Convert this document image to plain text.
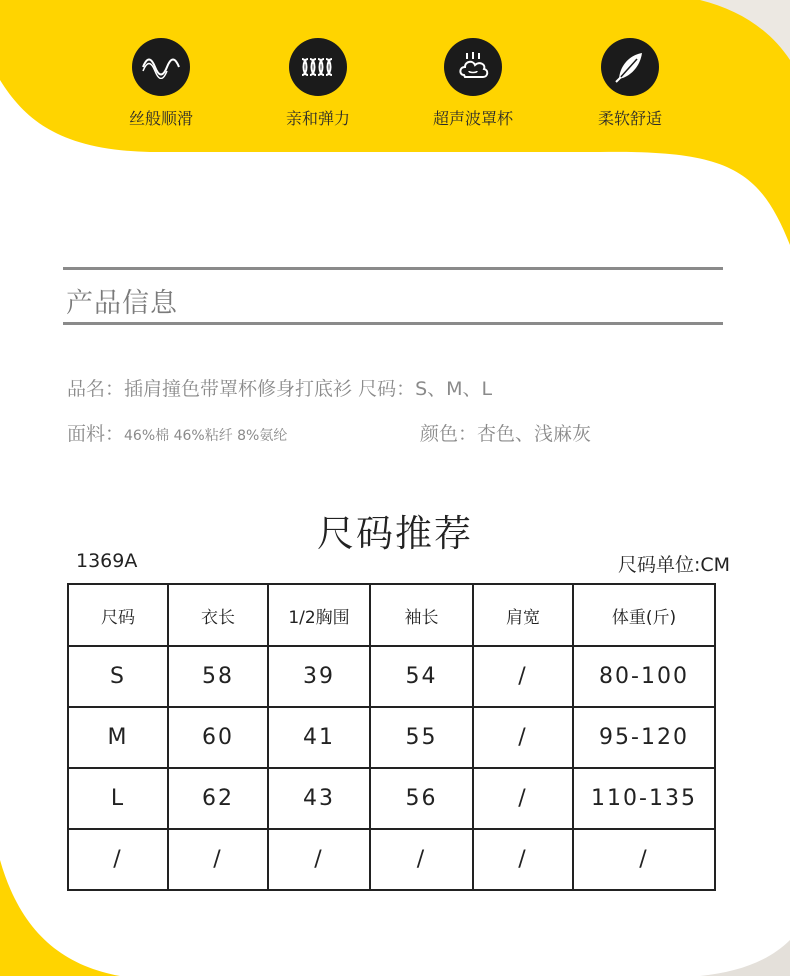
丝般顺滑	亲和弹力	超声波罩杯	柔软舒适
产品信息
品名：插肩撞色带罩杯修身打底衫 尺码：S、M、L
面料：46%棉 46%粘纤 8%氨纶	颜色：杏色、浅麻灰
尺码推荐
1369A	尺码单位:CM
尺码	衣长	1/2胸围	袖长	肩宽	体重(斤)
S	58	39	54	/	80-100
M	60	41	55	/	95-120
L	62	43	56	/	110-135
/	/	/	/	/	/
